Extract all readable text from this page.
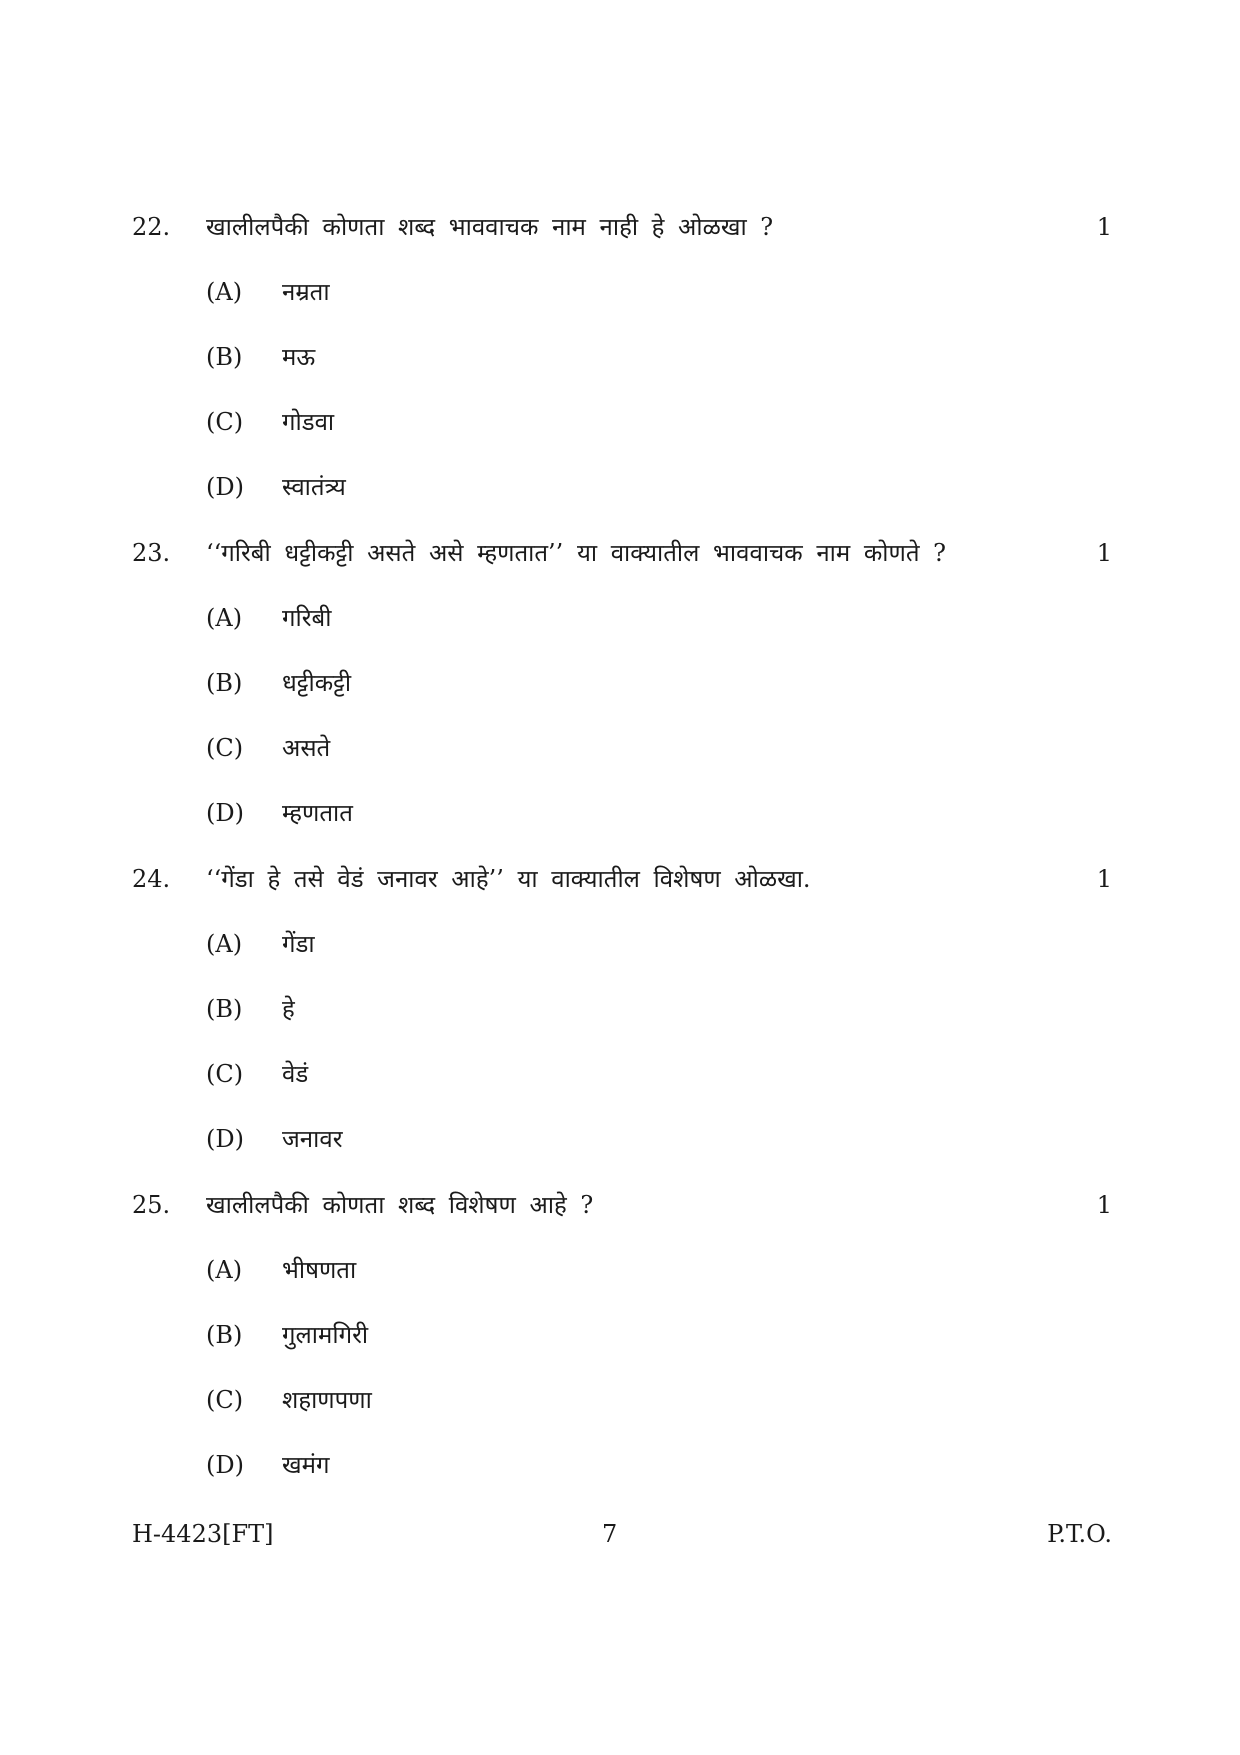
22. खालीलपैकी कोणता शब्द भाववाचक नाम नाही हे ओळखा ?	1
(A) नम्रता
(B) मऊ
(C) गोडवा
(D) स्वातंत्र्य
23. ‘‘गरिबी धट्टीकट्टी असते असे म्हणतात’’ या वाक्यातील भाववाचक नाम कोणते ?	1
(A) गरिबी
(B) धट्टीकट्टी
(C) असते
(D) म्हणतात
24. ‘‘गेंडा हे तसे वेडं जनावर आहे’’ या वाक्यातील विशेषण ओळखा.	1
(A) गेंडा
(B) हे
(C) वेडं
(D) जनावर
25. खालीलपैकी कोणता शब्द विशेषण आहे ?	1
(A) भीषणता
(B) गुलामगिरी
(C) शहाणपणा
(D) खमंग
H-4423[FT]	7	P.T.O.
